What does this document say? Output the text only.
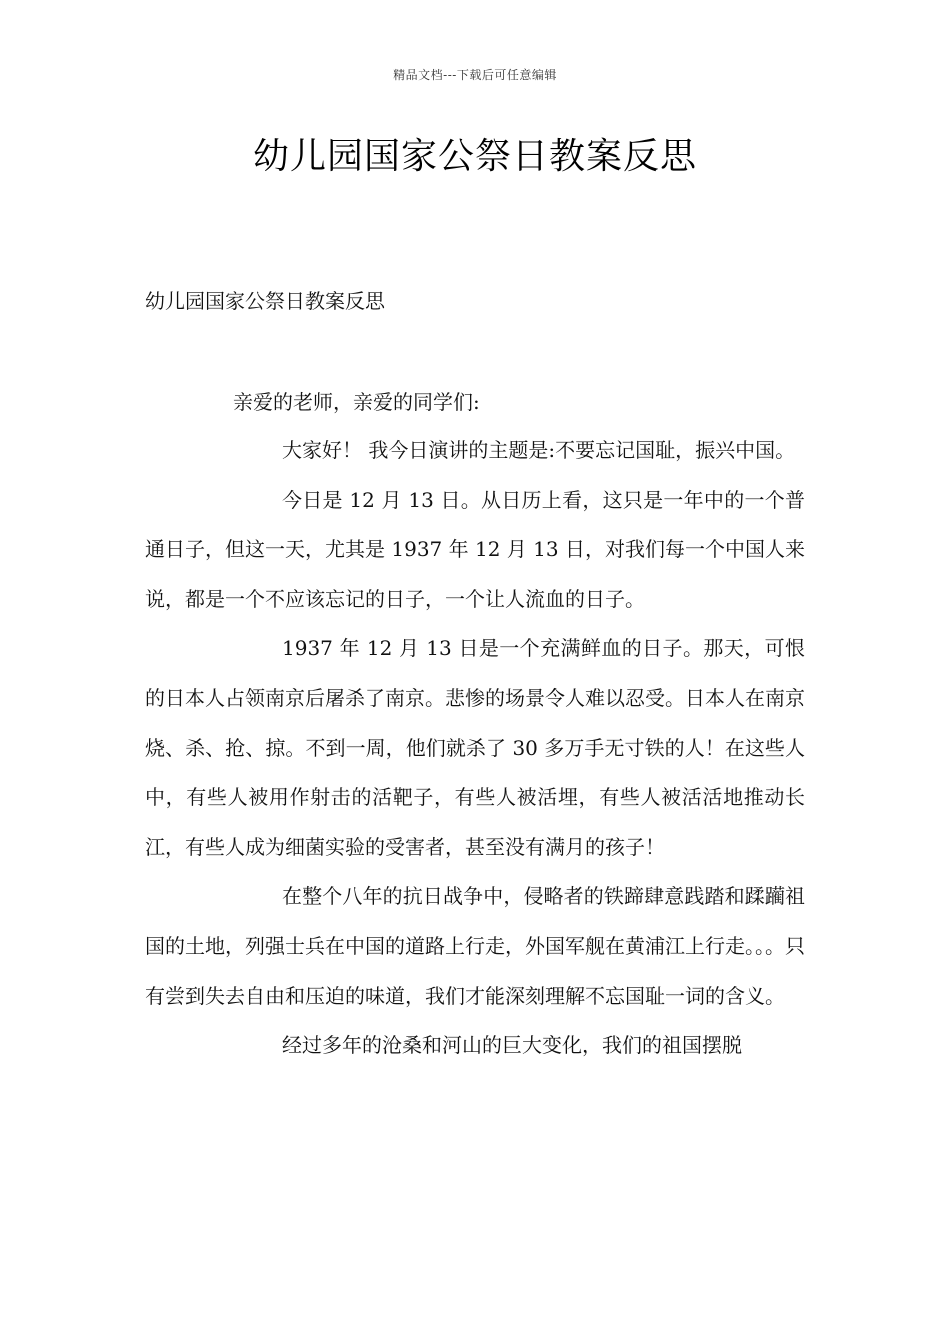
精品文档---下载后可任意编辑
幼儿园国家公祭日教案反思
幼儿园国家公祭日教案反思
亲爱的老师，亲爱的同学们:

大家好！ 我今日演讲的主题是:不要忘记国耻，振兴中国。

今日是 12 月 13 日。从日历上看，这只是一年中的一个普通日子，但这一天，尤其是 1937 年 12 月 13 日，对我们每一个中国人来说，都是一个不应该忘记的日子，一个让人流血的日子。

1937 年 12 月 13 日是一个充满鲜血的日子。那天，可恨的日本人占领南京后屠杀了南京。悲惨的场景令人难以忍受。日本人在南京烧、杀、抢、掠。不到一周，他们就杀了 30 多万手无寸铁的人！在这些人中，有些人被用作射击的活靶子，有些人被活埋，有些人被活活地推动长江，有些人成为细菌实验的受害者，甚至没有满月的孩子！

在整个八年的抗日战争中，侵略者的铁蹄肆意践踏和蹂躏祖国的土地，列强士兵在中国的道路上行走，外国军舰在黄浦江上行走。。。只有尝到失去自由和压迫的味道，我们才能深刻理解不忘国耻一词的含义。

经过多年的沧桑和河山的巨大变化，我们的祖国摆脱
